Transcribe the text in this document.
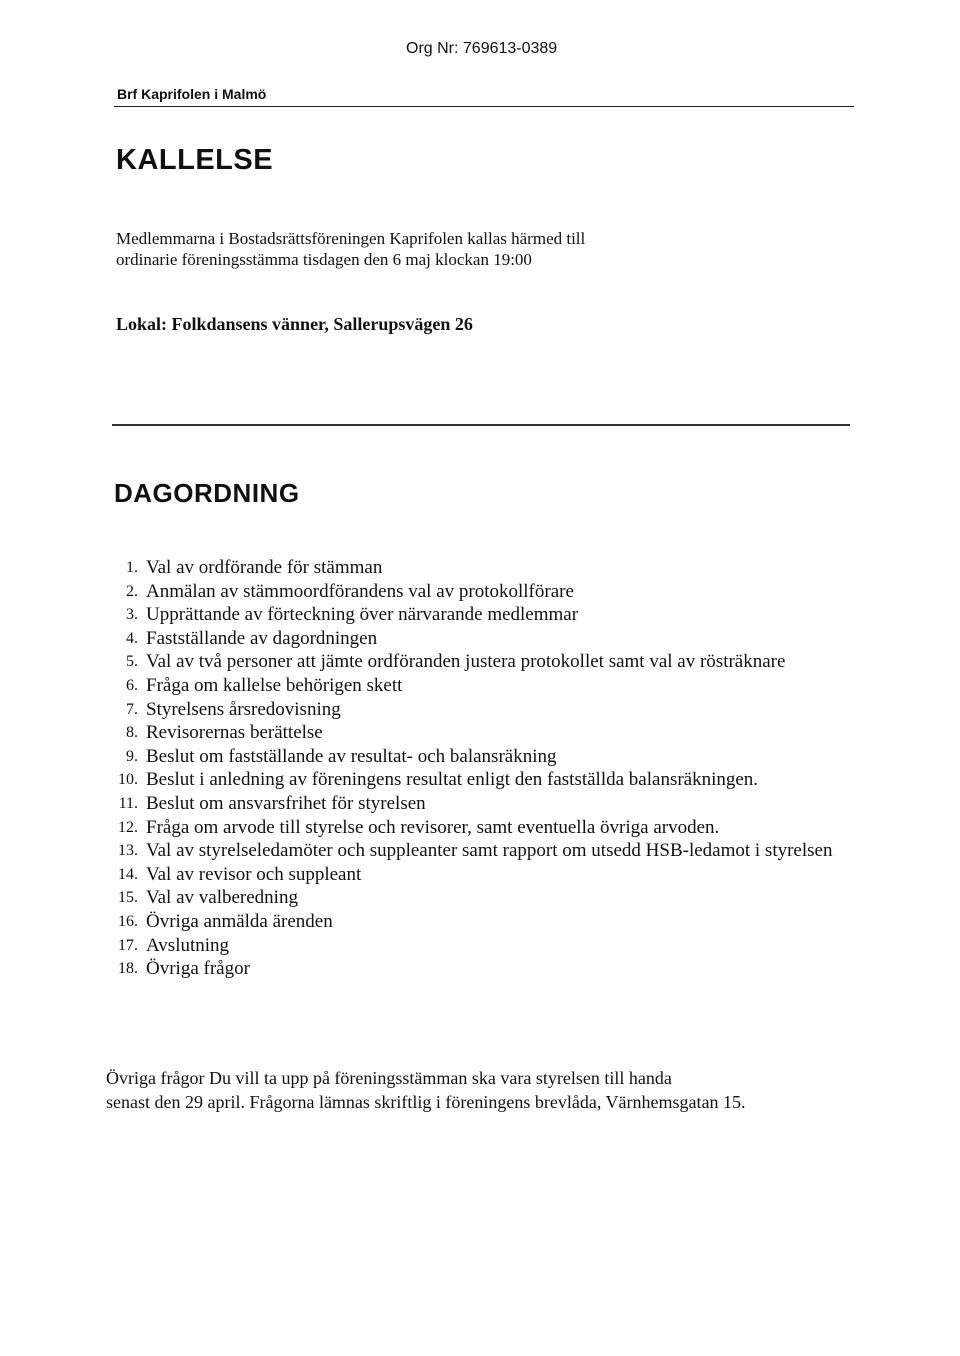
Org Nr: 769613-0389
Brf Kaprifolen i Malmö
KALLELSE
Medlemmarna i Bostadsrättsföreningen Kaprifolen kallas härmed till
ordinarie föreningsstämma tisdagen den 6 maj klockan 19:00
Lokal: Folkdansens vänner, Sallerupsvägen 26
DAGORDNING
1. Val av ordförande för stämman
2. Anmälan av stämmoordförandens val av protokollförare
3. Upprättande av förteckning över närvarande medlemmar
4. Fastställande av dagordningen
5. Val av två personer att jämte ordföranden justera protokollet samt val av rösträknare
6. Fråga om kallelse behörigen skett
7. Styrelsens årsredovisning
8. Revisorernas berättelse
9. Beslut om fastställande av resultat- och balansräkning
10. Beslut i anledning av föreningens resultat enligt den fastställda balansräkningen.
11. Beslut om ansvarsfrihet för styrelsen
12. Fråga om arvode till styrelse och revisorer, samt eventuella övriga arvoden.
13. Val av styrelseledamöter och suppleanter samt rapport om utsedd HSB-ledamot i styrelsen
14. Val av revisor och suppleant
15. Val av valberedning
16. Övriga anmälda ärenden
17. Avslutning
18. Övriga frågor
Övriga frågor Du vill ta upp på föreningsstämman ska vara styrelsen till handa
senast den 29 april. Frågorna lämnas skriftlig i föreningens brevlåda, Värnhemsgatan 15.
